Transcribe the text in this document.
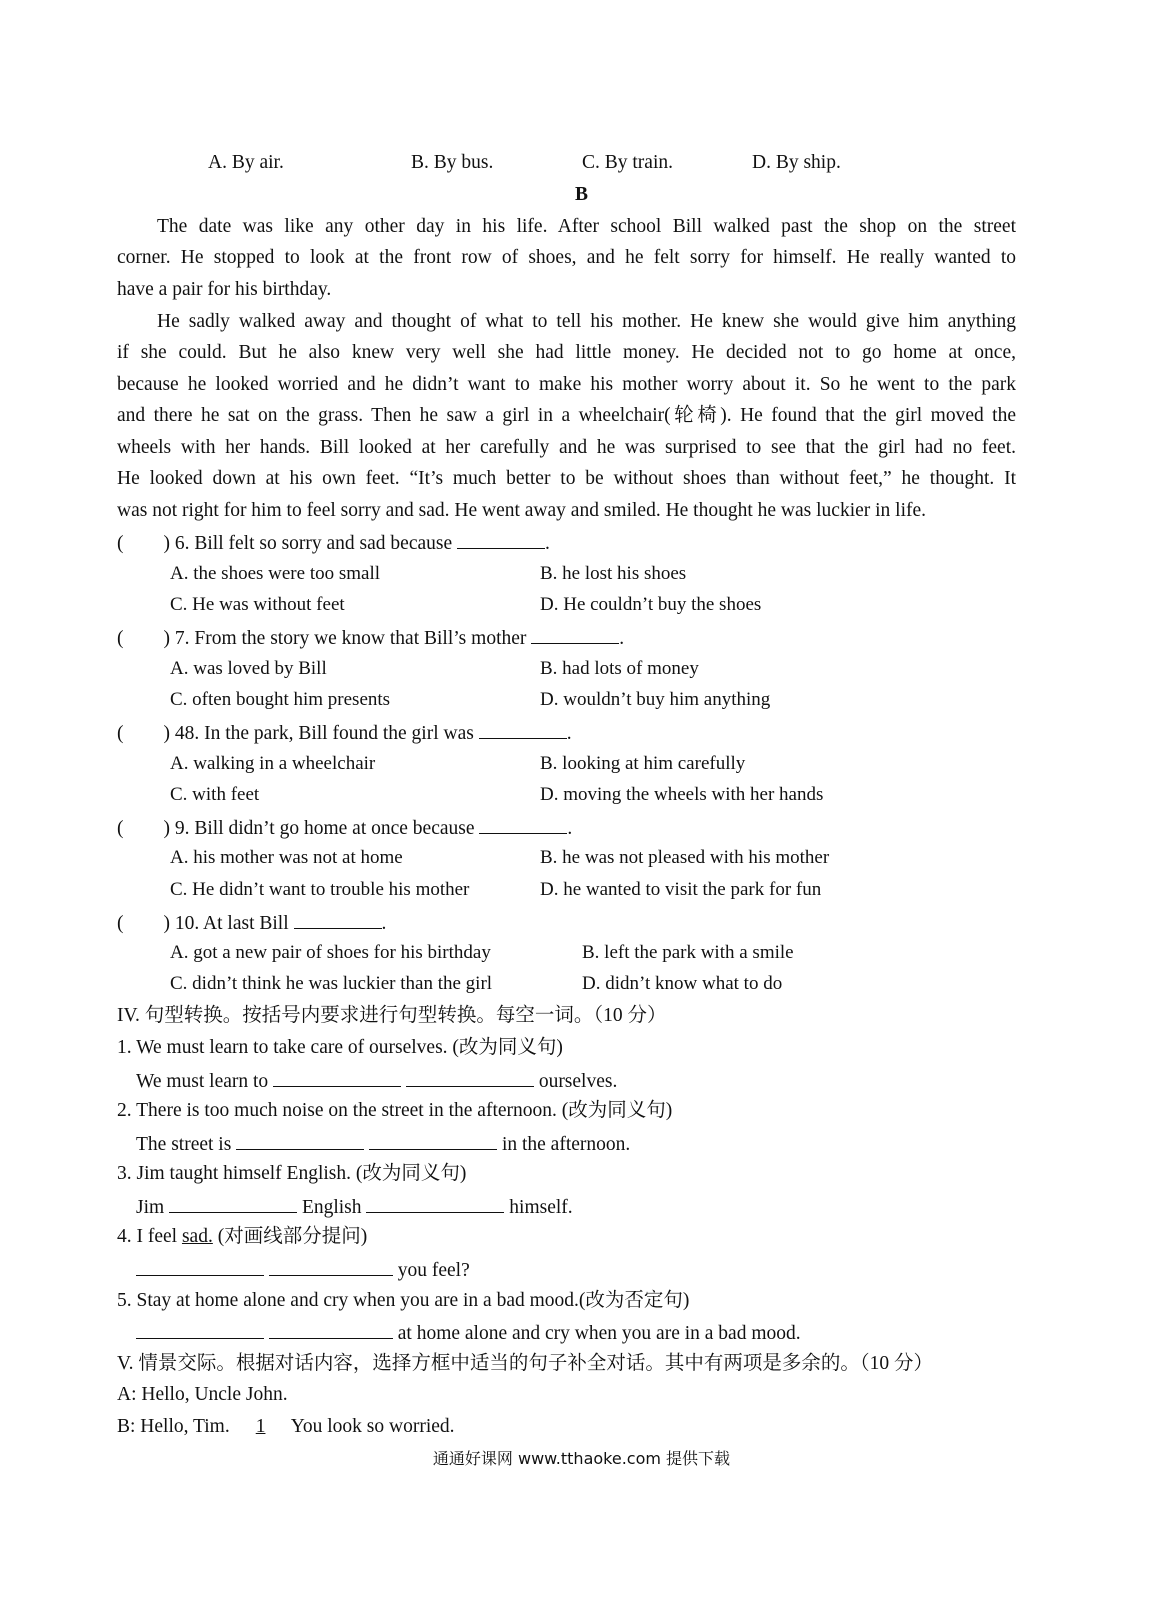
A. By air.	B. By bus.	C. By train.	D. By ship.
B
The date was like any other day in his life. After school Bill walked past the shop on the street
corner. He stopped to look at the front row of shoes, and he felt sorry for himself. He really wanted to
have a pair for his birthday.
He sadly walked away and thought of what to tell his mother. He knew she would give him anything
if she could. But he also knew very well she had little money. He decided not to go home at once,
because he looked worried and he didn’t want to make his mother worry about it. So he went to the park
and there he sat on the grass. Then he saw a girl in a wheelchair(轮椅). He found that the girl moved the
wheels with her hands. Bill looked at her carefully and he was surprised to see that the girl had no feet.
He looked down at his own feet. “It’s much better to be without shoes than without feet,” he thought. It
was not right for him to feel sorry and sad. He went away and smiled. He thought he was luckier in life.
( ) 6. Bill felt so sorry and sad because	.
A. the shoes were too small	B. he lost his shoes
C. He was without feet	D. He couldn’t buy the shoes
( ) 7. From the story we know that Bill’s mother	.
A. was loved by Bill	B. had lots of money
C. often bought him presents	D. wouldn’t buy him anything
( ) 48. In the park, Bill found the girl was	.
A. walking in a wheelchair	B. looking at him carefully
C. with feet	D. moving the wheels with her hands
( ) 9. Bill didn’t go home at once because	.
A. his mother was not at home	B. he was not pleased with his mother
C. He didn’t want to trouble his mother	D. he wanted to visit the park for fun
( ) 10. At last Bill	.
A. got a new pair of shoes for his birthday	B. left the park with a smile
C. didn’t think he was luckier than the girl	D. didn’t know what to do
IV. 句型转换。按括号内要求进行句型转换。每空一词。（10 分）
1. We must learn to take care of ourselves. (改为同义句)
We must learn to	ourselves.
2. There is too much noise on the street in the afternoon. (改为同义句)
The street is	in the afternoon.
3. Jim taught himself English. (改为同义句)
Jim	English	himself.
4. I feel sad. (对画线部分提问)
you feel?
5. Stay at home alone and cry when you are in a bad mood.(改为否定句)
at home alone and cry when you are in a bad mood.
V. 情景交际。根据对话内容，选择方框中适当的句子补全对话。其中有两项是多余的。（10 分）
A: Hello, Uncle John.
B: Hello, Tim. 1 You look so worried.
通通好课网 www.tthaoke.com 提供下载
